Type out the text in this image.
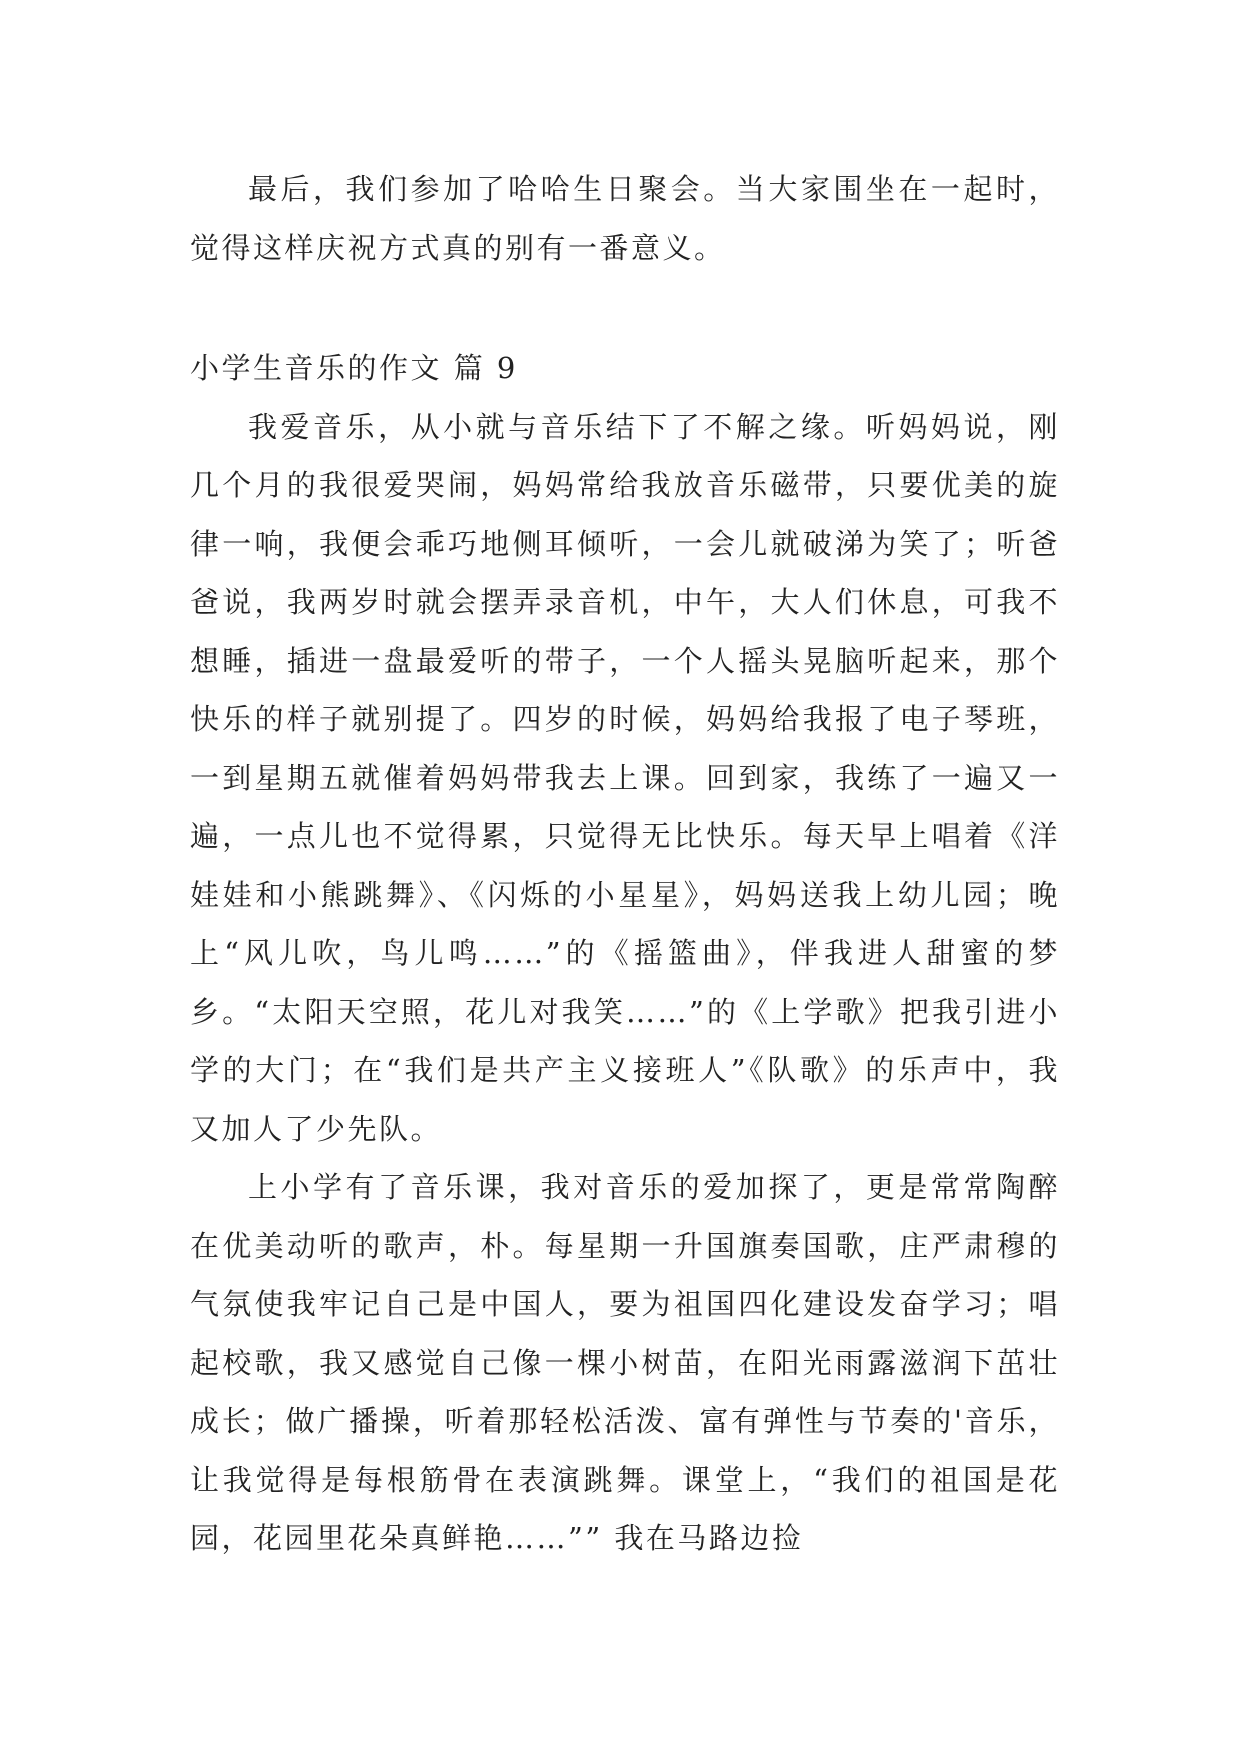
最后，我们参加了哈哈生日聚会。当大家围坐在一起时，觉得这样庆祝方式真的别有一番意义。

小学生音乐的作文 篇 9

我爱音乐，从小就与音乐结下了不解之缘。听妈妈说，刚几个月的我很爱哭闹，妈妈常给我放音乐磁带，只要优美的旋律一响，我便会乖巧地侧耳倾听，一会儿就破涕为笑了；听爸爸说，我两岁时就会摆弄录音机，中午，大人们休息，可我不想睡，插进一盘最爱听的带子，一个人摇头晃脑听起来，那个快乐的样子就别提了。四岁的时候，妈妈给我报了电子琴班，一到星期五就催着妈妈带我去上课。回到家，我练了一遍又一遍，一点儿也不觉得累，只觉得无比快乐。每天早上唱着《洋娃娃和小熊跳舞》、《闪烁的小星星》，妈妈送我上幼儿园；晚上“风儿吹，鸟儿鸣……”的《摇篮曲》，伴我进人甜蜜的梦乡。“太阳天空照，花儿对我笑……”的《上学歌》把我引进小学的大门；在“我们是共产主义接班人”《队歌》的乐声中，我又加人了少先队。

上小学有了音乐课，我对音乐的爱加探了，更是常常陶醉在优美动听的歌声，朴。每星期一升国旗奏国歌，庄严肃穆的气氛使我牢记自己是中国人，要为祖国四化建设发奋学习；唱起校歌，我又感觉自己像一棵小树苗，在阳光雨露滋润下茁壮成长；做广播操，听着那轻松活泼、富有弹性与节奏的'音乐，让我觉得是每根筋骨在表演跳舞。课堂上，“我们的祖国是花园，花园里花朵真鲜艳……”” 我在马路边捡
